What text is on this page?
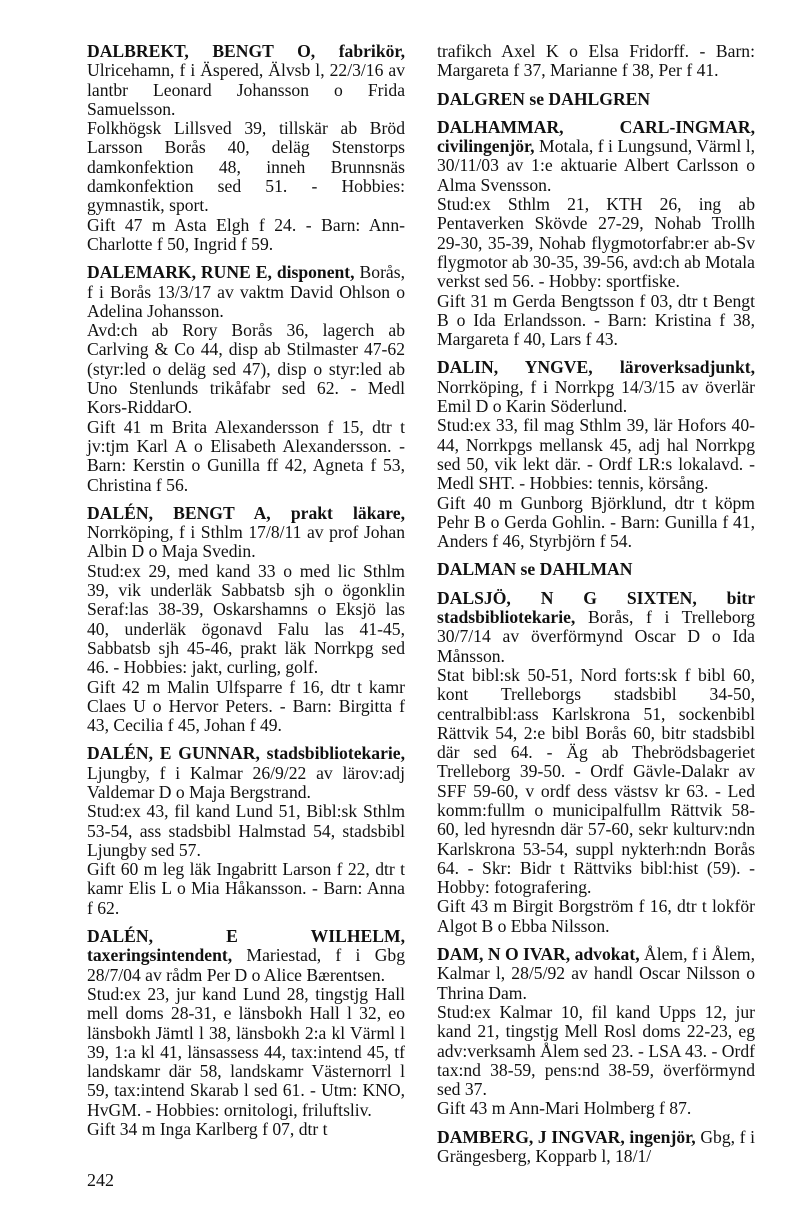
DALBREKT, BENGT O, fabrikör, Ulricehamn, f i Äspered, Älvsb l, 22/3/16 av lantbr Leonard Johansson o Frida Samuelsson.

Folkhögsk Lillsved 39, tillskär ab Bröd Larsson Borås 40, deläg Stenstorps damkonfektion 48, inneh Brunnsnäs damkonfektion sed 51. - Hobbies: gymnastik, sport.

Gift 47 m Asta Elgh f 24. - Barn: Ann-Charlotte f 50, Ingrid f 59.

DALEMARK, RUNE E, disponent, Borås, f i Borås 13/3/17 av vaktm David Ohlson o Adelina Johansson.

Avd:ch ab Rory Borås 36, lagerch ab Carlving & Co 44, disp ab Stilmaster 47-62 (styr:led o deläg sed 47), disp o styr:led ab Uno Stenlunds trikåfabr sed 62. - Medl Kors-RiddarO.

Gift 41 m Brita Alexandersson f 15, dtr t jv:tjm Karl A o Elisabeth Alexandersson. - Barn: Kerstin o Gunilla ff 42, Agneta f 53, Christina f 56.

DALÉN, BENGT A, prakt läkare, Norrköping, f i Sthlm 17/8/11 av prof Johan Albin D o Maja Svedin.

Stud:ex 29, med kand 33 o med lic Sthlm 39, vik underläk Sabbatsb sjh o ögonklin Seraf:las 38-39, Oskarshamns o Eksjö las 40, underläk ögonavd Falu las 41-45, Sabbatsb sjh 45-46, prakt läk Norrkpg sed 46. - Hobbies: jakt, curling, golf.

Gift 42 m Malin Ulfsparre f 16, dtr t kamr Claes U o Hervor Peters. - Barn: Birgitta f 43, Cecilia f 45, Johan f 49.

DALÉN, E GUNNAR, stadsbibliotekarie, Ljungby, f i Kalmar 26/9/22 av lärov:adj Valdemar D o Maja Bergstrand.

Stud:ex 43, fil kand Lund 51, Bibl:sk Sthlm 53-54, ass stadsbibl Halmstad 54, stadsbibl Ljungby sed 57.

Gift 60 m leg läk Ingabritt Larson f 22, dtr t kamr Elis L o Mia Håkansson. - Barn: Anna f 62.

DALÉN, E WILHELM, taxeringsintendent, Mariestad, f i Gbg 28/7/04 av rådm Per D o Alice Bærentsen.

Stud:ex 23, jur kand Lund 28, tingstjg Hall mell doms 28-31, e länsbokh Hall l 32, eo länsbokh Jämtl l 38, länsbokh 2:a kl Värml l 39, 1:a kl 41, länsassess 44, tax:intend 45, tf landskamr där 58, landskamr Västernorrl l 59, tax:intend Skarab l sed 61. - Utm: KNO, HvGM. - Hobbies: ornitologi, friluftsliv.

Gift 34 m Inga Karlberg f 07, dtr t

trafikch Axel K o Elsa Fridorff. - Barn: Margareta f 37, Marianne f 38, Per f 41.

DALGREN se DAHLGREN

DALHAMMAR, CARL-INGMAR, civilingenjör, Motala, f i Lungsund, Värml l, 30/11/03 av 1:e aktuarie Albert Carlsson o Alma Svensson.

Stud:ex Sthlm 21, KTH 26, ing ab Pentaverken Skövde 27-29, Nohab Trollh 29-30, 35-39, Nohab flygmotorfabr:er ab-Sv flygmotor ab 30-35, 39-56, avd:ch ab Motala verkst sed 56. - Hobby: sportfiske.

Gift 31 m Gerda Bengtsson f 03, dtr t Bengt B o Ida Erlandsson. - Barn: Kristina f 38, Margareta f 40, Lars f 43.

DALIN, YNGVE, läroverksadjunkt, Norrköping, f i Norrkpg 14/3/15 av överlär Emil D o Karin Söderlund.

Stud:ex 33, fil mag Sthlm 39, lär Hofors 40-44, Norrkpgs mellansk 45, adj hal Norrkpg sed 50, vik lekt där. - Ordf LR:s lokalavd. - Medl SHT. - Hobbies: tennis, körsång.

Gift 40 m Gunborg Björklund, dtr t köpm Pehr B o Gerda Gohlin. - Barn: Gunilla f 41, Anders f 46, Styrbjörn f 54.

DALMAN se DAHLMAN

DALSJÖ, N G SIXTEN, bitr stadsbibliotekarie, Borås, f i Trelleborg 30/7/14 av överförmynd Oscar D o Ida Månsson.

Stat bibl:sk 50-51, Nord forts:sk f bibl 60, kont Trelleborgs stadsbibl 34-50, centralbibl:ass Karlskrona 51, sockenbibl Rättvik 54, 2:e bibl Borås 60, bitr stadsbibl där sed 64. - Äg ab Thebrödsbageriet Trelleborg 39-50. - Ordf Gävle-Dalakr av SFF 59-60, v ordf dess västsv kr 63. - Led komm:fullm o municipalfullm Rättvik 58-60, led hyresndn där 57-60, sekr kulturv:ndn Karlskrona 53-54, suppl nykterh:ndn Borås 64. - Skr: Bidr t Rättviks bibl:hist (59). - Hobby: fotografering.

Gift 43 m Birgit Borgström f 16, dtr t lokför Algot B o Ebba Nilsson.

DAM, N O IVAR, advokat, Ålem, f i Ålem, Kalmar l, 28/5/92 av handl Oscar Nilsson o Thrina Dam.

Stud:ex Kalmar 10, fil kand Upps 12, jur kand 21, tingstjg Mell Rosl doms 22-23, eg adv:verksamh Ålem sed 23. - LSA 43. - Ordf tax:nd 38-59, pens:nd 38-59, överförmynd sed 37.

Gift 43 m Ann-Mari Holmberg f 87.

DAMBERG, J INGVAR, ingenjör, Gbg, f i Grängesberg, Kopparb l, 18/1/

242
